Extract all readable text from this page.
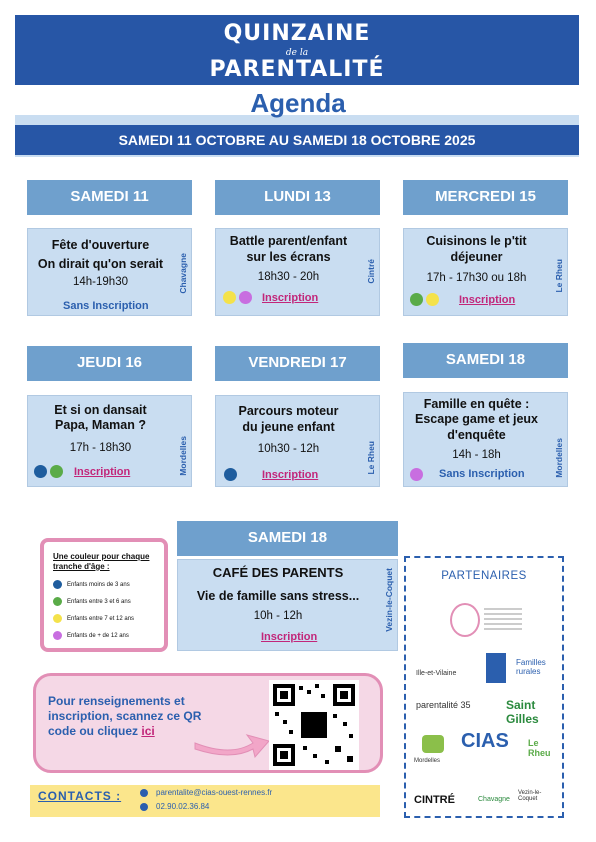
QUINZAINE
de la
PARENTALITÉ
Agenda
SAMEDI 11 OCTOBRE AU SAMEDI 18 OCTOBRE 2025
SAMEDI 11
Fête d'ouverture
On dirait qu'on serait
14h-19h30
Sans Inscription
Chavagne
LUNDI 13
Battle parent/enfant
sur les écrans
18h30 - 20h
Inscription
Cintré
MERCREDI 15
Cuisinons le p'tit
déjeuner
17h - 17h30 ou 18h
Inscription
Le Rheu
JEUDI 16
Et si on dansait
Papa, Maman ?
17h - 18h30
Inscription	Mordelles
VENDREDI 17
Parcours moteur
du jeune enfant
10h30 - 12h
Inscription
Le Rheu
SAMEDI 18
Famille en quête :
Escape game et jeux
d'enquête
14h - 18h
Sans Inscription	Mordelles
SAMEDI 18
CAFÉ DES PARENTS
Vie de famille sans stress...
10h - 12h
Inscription
Vezin-le-Coquet
Une couleur pour chaque tranche d'âge :
Enfants moins de 3 ans
Enfants entre 3 et 6 ans
Enfants entre 7 et 12 ans
Enfants de + de 12 ans
PARTENAIRES
Ille-et-Vilaine
Familles rurales
parentalité 35	Saint Gilles
Mordelles
CIAS Le Rheu
CINTRÉ	Chavagne
Vezin-le-Coquet
Pour renseignements et inscription, scannez ce QR code ou cliquez ici
CONTACTS :	parentalite@cias-ouest-rennes.fr
02.90.02.36.84
